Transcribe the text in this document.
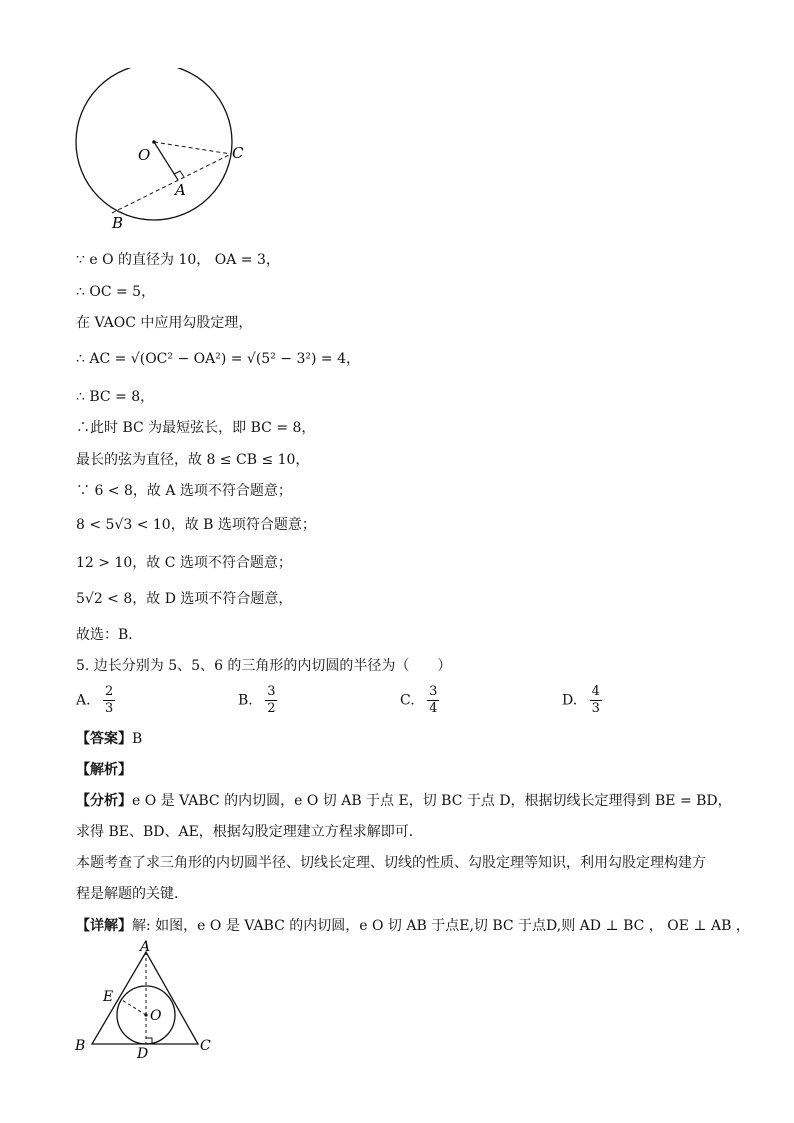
O
A
B
C
∵ e O 的直径为 10， OA = 3，
∴ OC = 5，
在 VAOC 中应用勾股定理，
∴ AC = √(OC² − OA²) = √(5² − 3²) = 4，
∴ BC = 8，
∴此时 BC 为最短弦长，即 BC = 8，
最长的弦为直径，故 8 ≤ CB ≤ 10，
∵ 6 < 8，故 A 选项不符合题意；
8 < 5√3 < 10，故 B 选项符合题意；
12 > 10，故 C 选项不符合题意；
5√2 < 8，故 D 选项不符合题意，
故选：B．
5. 边长分别为 5、5、6 的三角形的内切圆的半径为（　　）
A. $\frac{2}{3}$	B. $\frac{3}{2}$	C. $\frac{3}{4}$	D. $\frac{4}{3}$
【答案】B
【解析】
【分析】e O 是 VABC 的内切圆，e O 切 AB 于点 E，切 BC 于点 D，根据切线长定理得到 BE = BD，
求得 BE、BD、AE，根据勾股定理建立方程求解即可．
本题考查了求三角形的内切圆半径、切线长定理、切线的性质、勾股定理等知识，利用勾股定理构建方
程是解题的关键．
【详解】解: 如图，e O 是 VABC 的内切圆，e O 切 AB 于点E,切 BC 于点D,则 AD ⊥ BC ， OE ⊥ AB ，
A
B	C
D
E
O
